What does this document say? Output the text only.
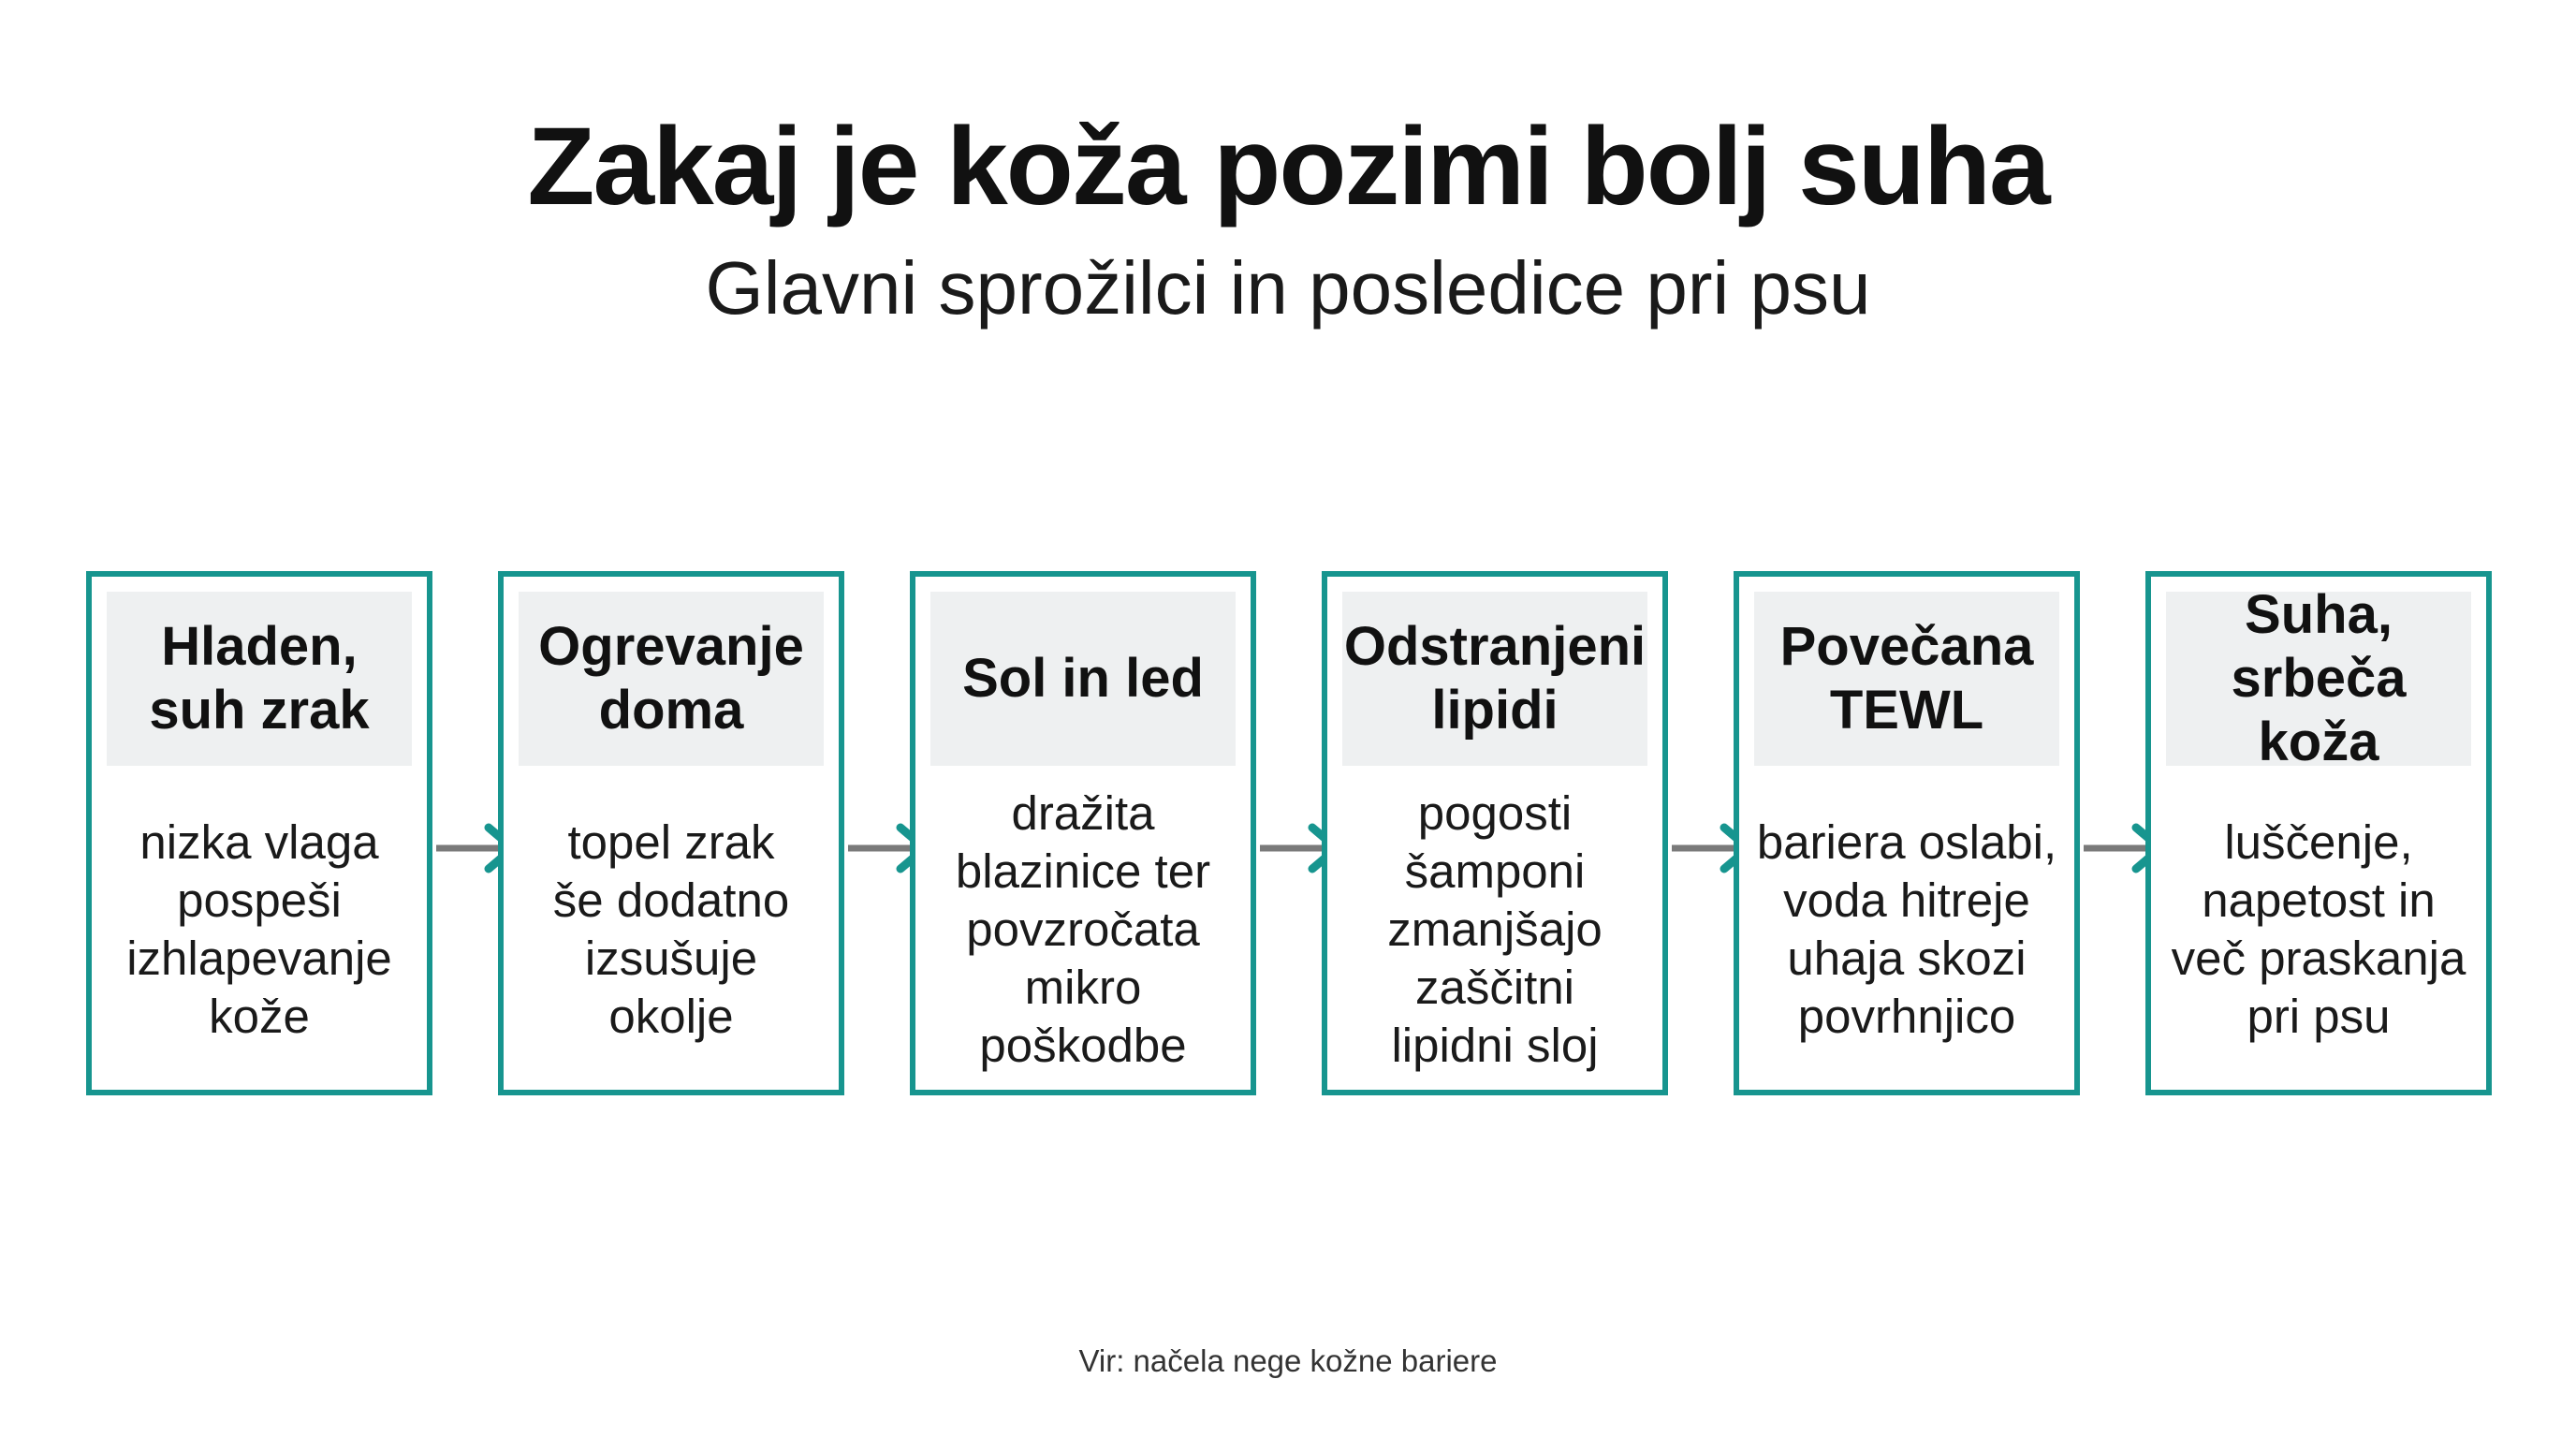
Zakaj je koža pozimi bolj suha
Glavni sprožilci in posledice pri psu
Hladen,
suh zrak
nizka vlaga
pospeši
izhlapevanje
kože
Ogrevanje
doma
topel zrak
še dodatno
izsušuje
okolje
Sol in led
dražita
blazinice ter
povzročata
mikro
poškodbe
Odstranjeni
lipidi
pogosti
šamponi
zmanjšajo
zaščitni
lipidni sloj
Povečana
TEWL
bariera oslabi,
voda hitreje
uhaja skozi
povrhnjico
Suha,
srbeča koža
luščenje,
napetost in
več praskanja
pri psu
Vir: načela nege kožne bariere
